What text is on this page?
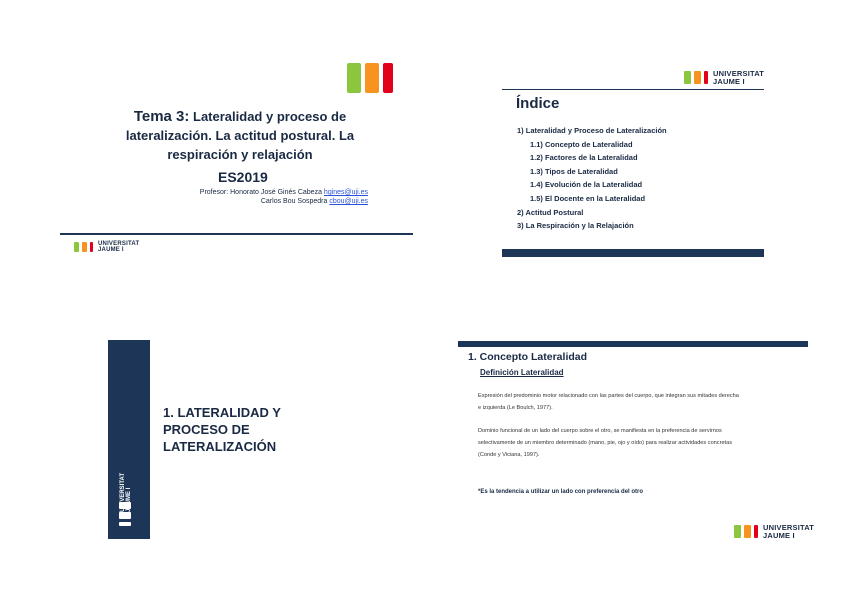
Tema 3: Lateralidad y proceso de
lateralización. La actitud postural. La
respiración y relajación
ES2019
Profesor: Honorato José Ginés Cabeza hgines@uji.es
Carlos Bou Sospedra cbou@uji.es
UNIVERSITAT
JAUME I
UNIVERSITAT
JAUME I
Índice
1) Lateralidad y Proceso de Lateralización
1.1) Concepto de Lateralidad
1.2) Factores de la Lateralidad
1.3) Tipos de Lateralidad
1.4) Evolución de la Lateralidad
1.5) El Docente en la Lateralidad
2) Actitud Postural
3) La Respiración y la Relajación
UNIVERSITAT JAUME I
1. LATERALIDAD Y
PROCESO DE
LATERALIZACIÓN
1. Concepto Lateralidad
Definición Lateralidad
Expresión del predominio motor relacionado con las partes del cuerpo, que integran sus mitades derecha
e izquierda (Le Boulch, 1977).
Dominio funcional de un lado del cuerpo sobre el otro, se manifiesta en la preferencia de servirnos
selectivamente de un miembro determinado (mano, pie, ojo y oído) para realizar actividades concretas
(Conde y Viciana, 1997).
*Es la tendencia a utilizar un lado con preferencia del otro
UNIVERSITAT
JAUME I
